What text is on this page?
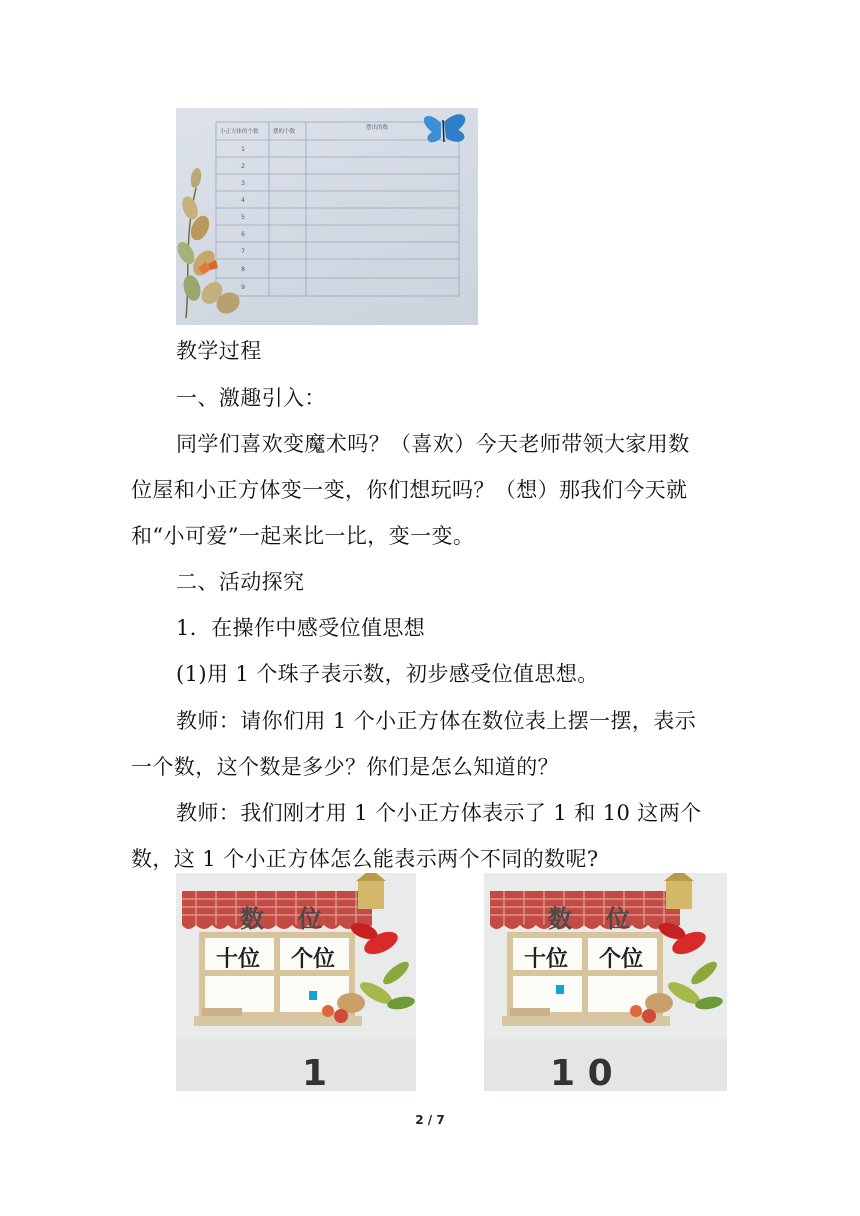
小正方体的个数	摆的个数
摆出的数
1
2
3
4
5
6
7
8
9
教学过程
一、激趣引入：
同学们喜欢变魔术吗？（喜欢）今天老师带领大家用数
位屋和小正方体变一变，你们想玩吗？（想）那我们今天就
和“小可爱”一起来比一比，变一变。
二、活动探究
1．在操作中感受位值思想
(1)用 1 个珠子表示数，初步感受位值思想。
教师：请你们用 1 个小正方体在数位表上摆一摆，表示
一个数，这个数是多少？你们是怎么知道的？
教师：我们刚才用 1 个小正方体表示了 1 和 10 这两个
数，这 1 个小正方体怎么能表示两个不同的数呢?
数 位
十位 个位
1
数 位
十位 个位
1 0
2 / 7
